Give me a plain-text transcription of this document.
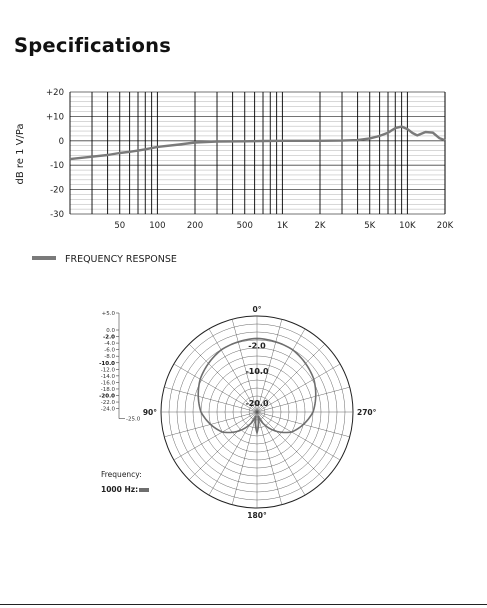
Specifications
dB re 1 V/Pa
+20
+10
0
-10
-20
-30
50	100	200	500	1K	2K	5K	10K 20K
FREQUENCY RESPONSE
+5.0
0.0
-2.0
-4.0
-6.0
-8.0
-10.0
-12.0
-14.0
-16.0
-18.0
-20.0
-22.0
-24.0
-25.0
0°
90°
180°
270°
-2.0
-10.0
-20.0
Frequency:
1000 Hz:
